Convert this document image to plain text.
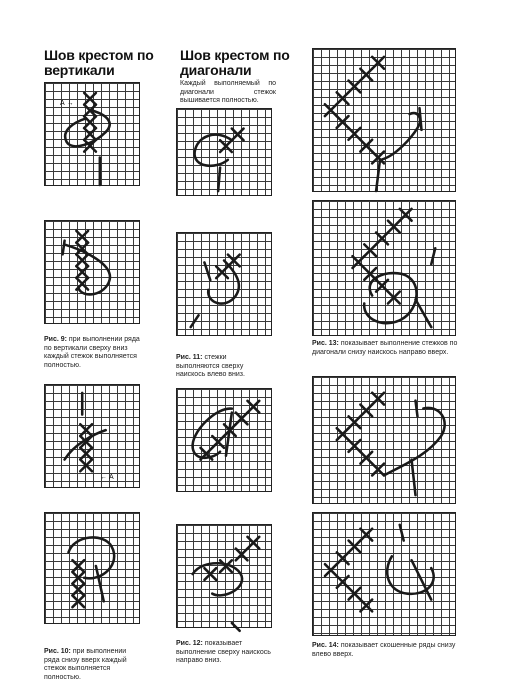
Шов крестом по вертикали
Шов крестом по диагонали
Каждый выполняемый по диагонали стежок вышивается полностью.
А →
Рис. 9: при выполнении ряда по вертикали сверху вниз каждый стежок выполняется полностью.
← А
Рис. 10: при выполнении ряда снизу вверх каждый стежок выполняется полностью.
Рис. 11: стежки выполняются сверху наискось влево вниз.
Рис. 12: показывает выполнение сверху наискось направо вниз.
Рис. 13: показывает выполнение стежков по диагонали снизу наискось направо вверх.
Рис. 14: показывает скошенные ряды снизу влево вверх.
